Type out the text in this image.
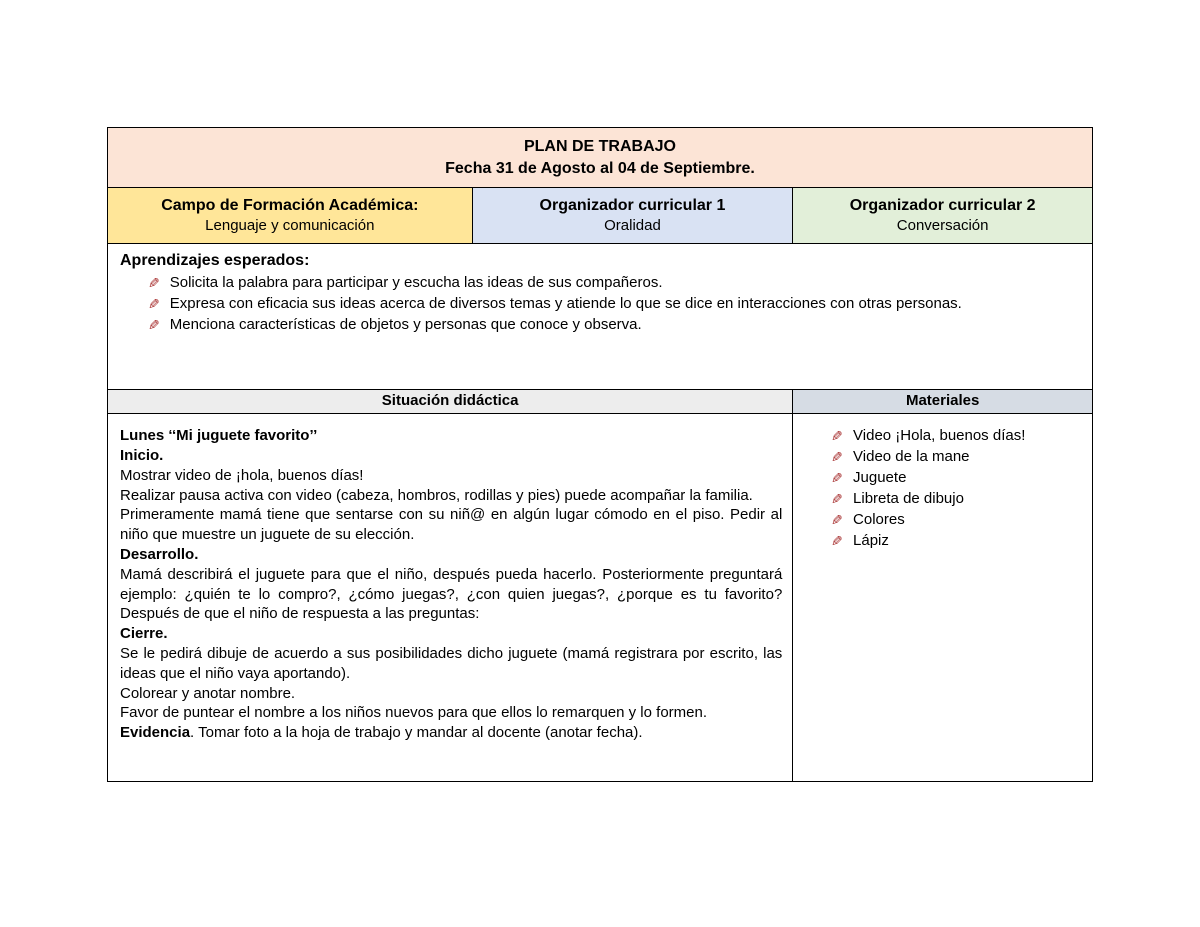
PLAN DE TRABAJO
Fecha 31 de Agosto al 04 de Septiembre.
Campo de Formación Académica:
Lenguaje y comunicación
Organizador curricular 1
Oralidad
Organizador curricular 2
Conversación
Aprendizajes esperados:
✎ Solicita la palabra para participar y escucha las ideas de sus compañeros.
✎ Expresa con eficacia sus ideas acerca de diversos temas y atiende lo que se dice en interacciones con otras personas.
✎ Menciona características de objetos y personas que conoce y observa.
Situación didáctica	Materiales

Lunes ‘‘Mi juguete favorito’’

Inicio.

Mostrar video de ¡hola, buenos días!

Realizar pausa activa con video (cabeza, hombros, rodillas y pies) puede acompañar la familia.

Primeramente mamá tiene que sentarse con su niñ@ en algún lugar cómodo en el piso. Pedir al niño que muestre un juguete de su elección.

Desarrollo.

Mamá describirá el juguete para que el niño, después pueda hacerlo. Posteriormente preguntará ejemplo: ¿quién te lo compro?, ¿cómo juegas?, ¿con quien juegas?, ¿porque es tu favorito? Después de que el niño de respuesta a las preguntas:

Cierre.

Se le pedirá dibuje de acuerdo a sus posibilidades dicho juguete (mamá registrara por escrito, las ideas que el niño vaya aportando).

Colorear y anotar nombre.

Favor de puntear el nombre a los niños nuevos para que ellos lo remarquen y lo formen.

Evidencia. Tomar foto a la hoja de trabajo y mandar al docente (anotar fecha).

✎ Video ¡Hola, buenos días!
✎ Video de la mane
✎ Juguete
✎ Libreta de dibujo
✎ Colores
✎ Lápiz
